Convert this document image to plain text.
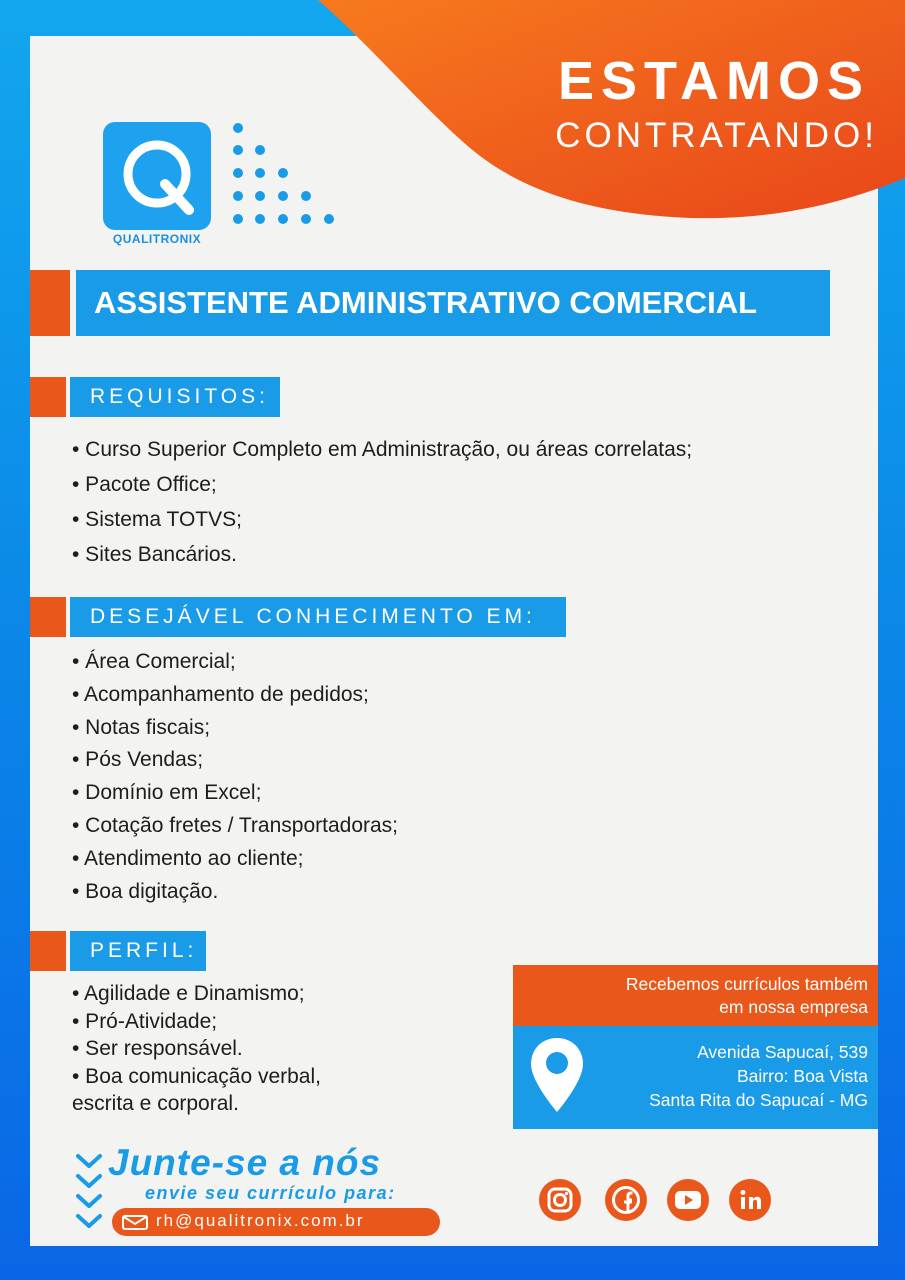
ESTAMOS
CONTRATANDO!
QUALITRONIX
ASSISTENTE ADMINISTRATIVO COMERCIAL
REQUISITOS:
• Curso Superior Completo em Administração, ou áreas correlatas;
• Pacote Office;
• Sistema TOTVS;
• Sites Bancários.
DESEJÁVEL CONHECIMENTO EM:
• Área Comercial;
• Acompanhamento de pedidos;
• Notas fiscais;
• Pós Vendas;
• Domínio em Excel;
• Cotação fretes / Transportadoras;
• Atendimento ao cliente;
• Boa digitação.
PERFIL:
• Agilidade e Dinamismo;
• Pró-Atividade;
• Ser responsável.
• Boa comunicação verbal,
escrita e corporal.
Recebemos currículos também
em nossa empresa
Avenida Sapucaí, 539
Bairro: Boa Vista
Santa Rita do Sapucaí - MG
Junte-se a nós
envie seu currículo para:
rh@qualitronix.com.br
